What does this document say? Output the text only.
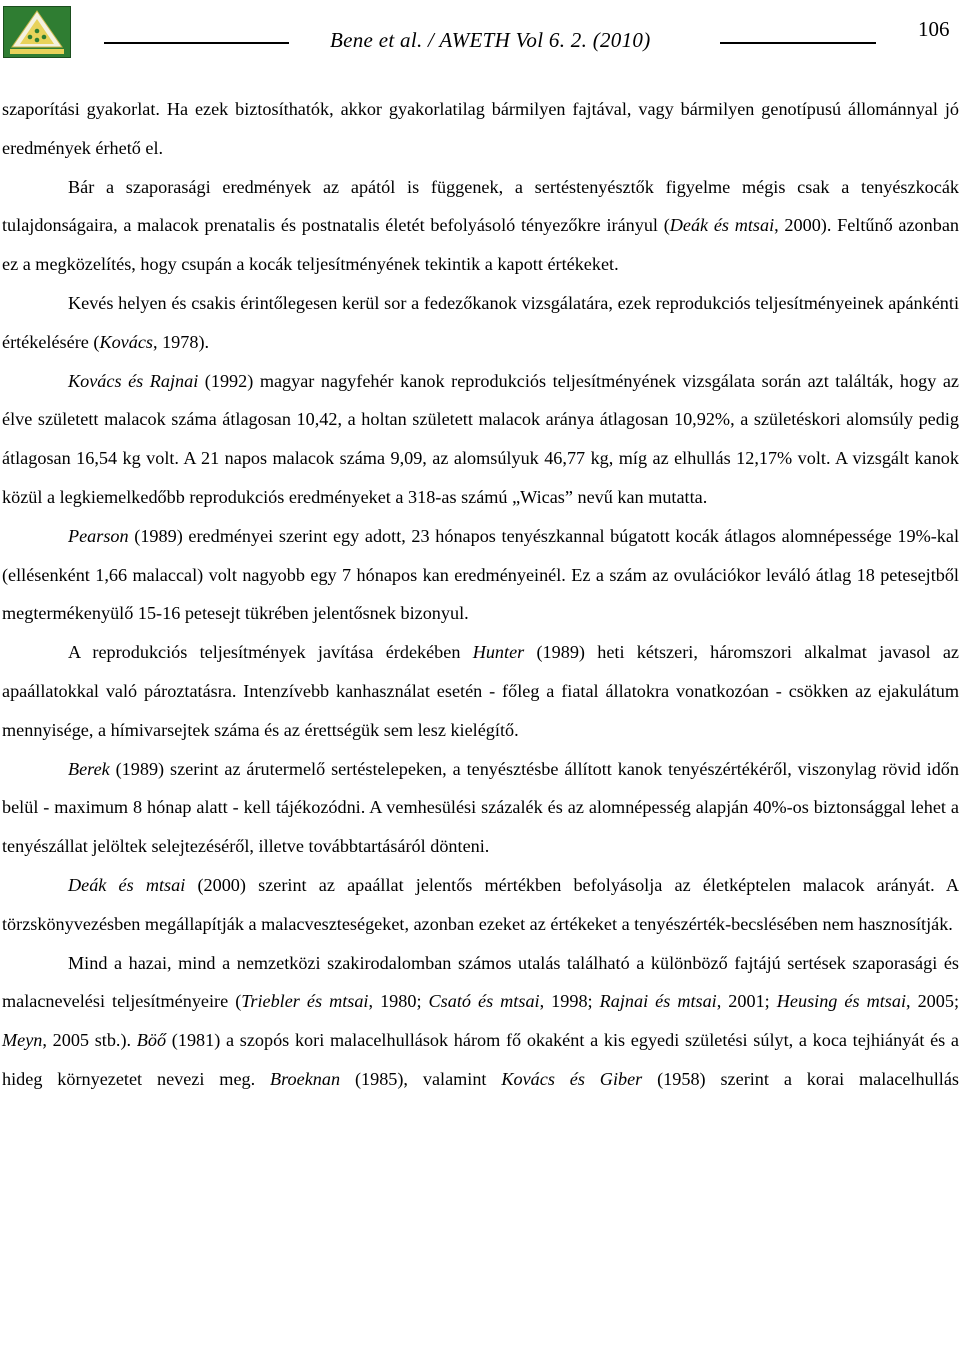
Bene et al. / AWETH Vol 6. 2. (2010)	106

szaporítási gyakorlat. Ha ezek biztosíthatók, akkor gyakorlatilag bármilyen fajtával, vagy bármilyen genotípusú állománnyal jó eredmények érhető el.

Bár a szaporasági eredmények az apától is függenek, a sertéstenyésztők figyelme mégis csak a tenyészkocák tulajdonságaira, a malacok prenatalis és postnatalis életét befolyásoló tényezőkre irányul (Deák és mtsai, 2000). Feltűnő azonban ez a megközelítés, hogy csupán a kocák teljesítményének tekintik a kapott értékeket.

Kevés helyen és csakis érintőlegesen kerül sor a fedezőkanok vizsgálatára, ezek reprodukciós teljesítményeinek apánkénti értékelésére (Kovács, 1978).

Kovács és Rajnai (1992) magyar nagyfehér kanok reprodukciós teljesítményének vizsgálata során azt találták, hogy az élve született malacok száma átlagosan 10,42, a holtan született malacok aránya átlagosan 10,92%, a születéskori alomsúly pedig átlagosan 16,54 kg volt. A 21 napos malacok száma 9,09, az alomsúlyuk 46,77 kg, míg az elhullás 12,17% volt. A vizsgált kanok közül a legkiemelkedőbb reprodukciós eredményeket a 318-as számú „Wicas” nevű kan mutatta.

Pearson (1989) eredményei szerint egy adott, 23 hónapos tenyészkannal búgatott kocák átlagos alomnépessége 19%-kal (ellésenként 1,66 malaccal) volt nagyobb egy 7 hónapos kan eredményeinél. Ez a szám az ovulációkor leváló átlag 18 petesejtből megtermékenyülő 15-16 petesejt tükrében jelentősnek bizonyul.

A reprodukciós teljesítmények javítása érdekében Hunter (1989) heti kétszeri, háromszori alkalmat javasol az apaállatokkal való pároztatásra. Intenzívebb kanhasználat esetén - főleg a fiatal állatokra vonatkozóan - csökken az ejakulátum mennyisége, a hímivarsejtek száma és az érettségük sem lesz kielégítő.

Berek (1989) szerint az árutermelő sertéstelepeken, a tenyésztésbe állított kanok tenyészértékéről, viszonylag rövid időn belül - maximum 8 hónap alatt - kell tájékozódni. A vemhesülési százalék és az alomnépesség alapján 40%-os biztonsággal lehet a tenyészállat jelöltek selejtezéséről, illetve továbbtartásáról dönteni.

Deák és mtsai (2000) szerint az apaállat jelentős mértékben befolyásolja az életképtelen malacok arányát. A törzskönyvezésben megállapítják a malacveszteségeket, azonban ezeket az értékeket a tenyészérték-becslésében nem hasznosítják.

Mind a hazai, mind a nemzetközi szakirodalomban számos utalás található a különböző fajtájú sertések szaporasági és malacnevelési teljesítményeire (Triebler és mtsai, 1980; Csató és mtsai, 1998; Rajnai és mtsai, 2001; Heusing és mtsai, 2005; Meyn, 2005 stb.). Böő (1981) a szopós kori malacelhullások három fő okaként a kis egyedi születési súlyt, a koca tejhiányát és a hideg környezetet nevezi meg. Broeknan (1985), valamint Kovács és Giber (1958) szerint a korai malacelhullás
